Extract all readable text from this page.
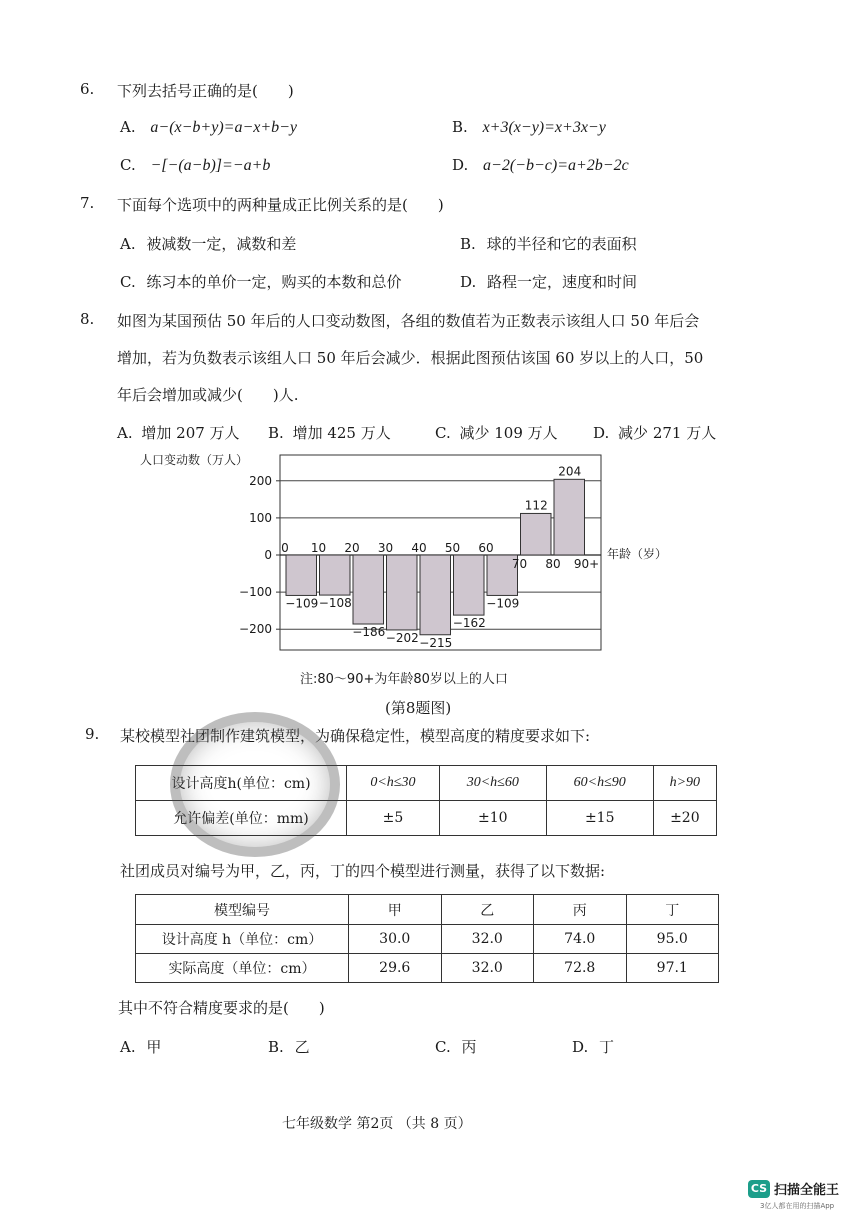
6. 下列去括号正确的是(　　)
A. a−(x−b+y)=a−x+b−y	B. x+3(x−y)=x+3x−y
C. −[−(a−b)]=−a+b	D. a−2(−b−c)=a+2b−2c
7. 下面每个选项中的两种量成正比例关系的是(　　)
A. 被减数一定，减数和差	B. 球的半径和它的表面积
C. 练习本的单价一定，购买的本数和总价	D. 路程一定，速度和时间
8. 如图为某国预估 50 年后的人口变动数图，各组的数值若为正数表示该组人口 50 年后会
增加，若为负数表示该组人口 50 年后会减少．根据此图预估该国 60 岁以上的人口，50
年后会增加或减少(　　)人.
A. 增加 207 万人 B. 增加 425 万人	C. 减少 109 万人 D. 减少 271 万人
200
100
0
−100
−200
人口变动数（万人）
年龄（岁）
−109 −108
−186 −202 −215
−162
−109
112
204
0 10 20 30 40 50 60
70 80 90+
注:80～90+为年龄80岁以上的人口
(第8题图)
9. 某校模型社团制作建筑模型，为确保稳定性，模型高度的精度要求如下:
设计高度h(单位：cm)	0<h≤30	30<h≤60	60<h≤90	h>90
允许偏差(单位：mm)	±5	±10	±15	±20
社团成员对编号为甲，乙，丙，丁的四个模型进行测量，获得了以下数据:
模型编号	甲	乙	丙	丁
设计高度 h（单位：cm）	30.0	32.0	74.0	95.0
实际高度（单位：cm）	29.6	32.0	72.8	97.1
其中不符合精度要求的是(　　)
A. 甲	B. 乙	C. 丙	D. 丁
七年级数学 第2页 （共 8 页）
CS 扫描全能王
3亿人都在用的扫描App
